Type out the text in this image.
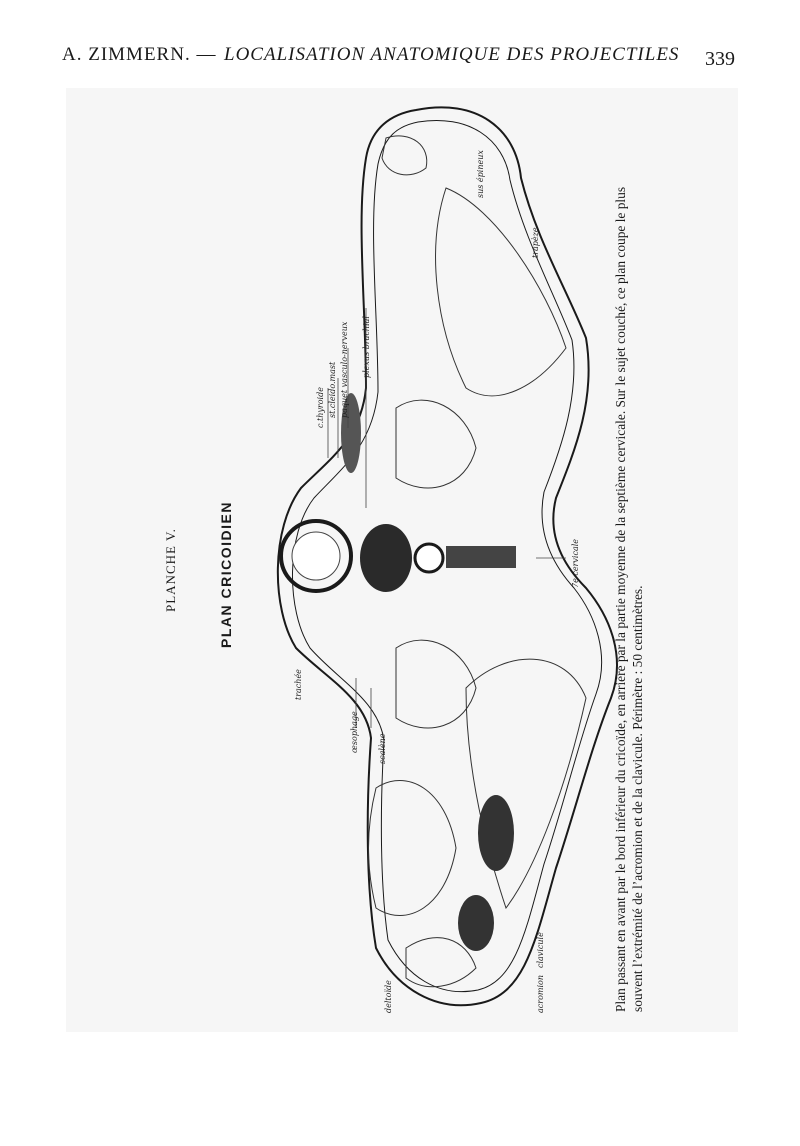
A. ZIMMERN. — LOCALISATION ANATOMIQUE DES PROJECTILES 339
c.thyroide st.cleido.mast paquet vasculo-nerveux plexus brachial
sus épineux
trapèze
7e cervicale
trachée
œsophage scalène
clavicule
acromion
deltoïde
PLANCHE V.	PLAN CRICOIDIEN	Plan passant en avant par le bord inférieur du cricoïde, en arrière par la partie moyenne de la septième cervicale. Sur le sujet couché, ce plan coupe le plus souvent l’extrémité de l’acromion et de la clavicule. Périmètre : 50 centimètres.
